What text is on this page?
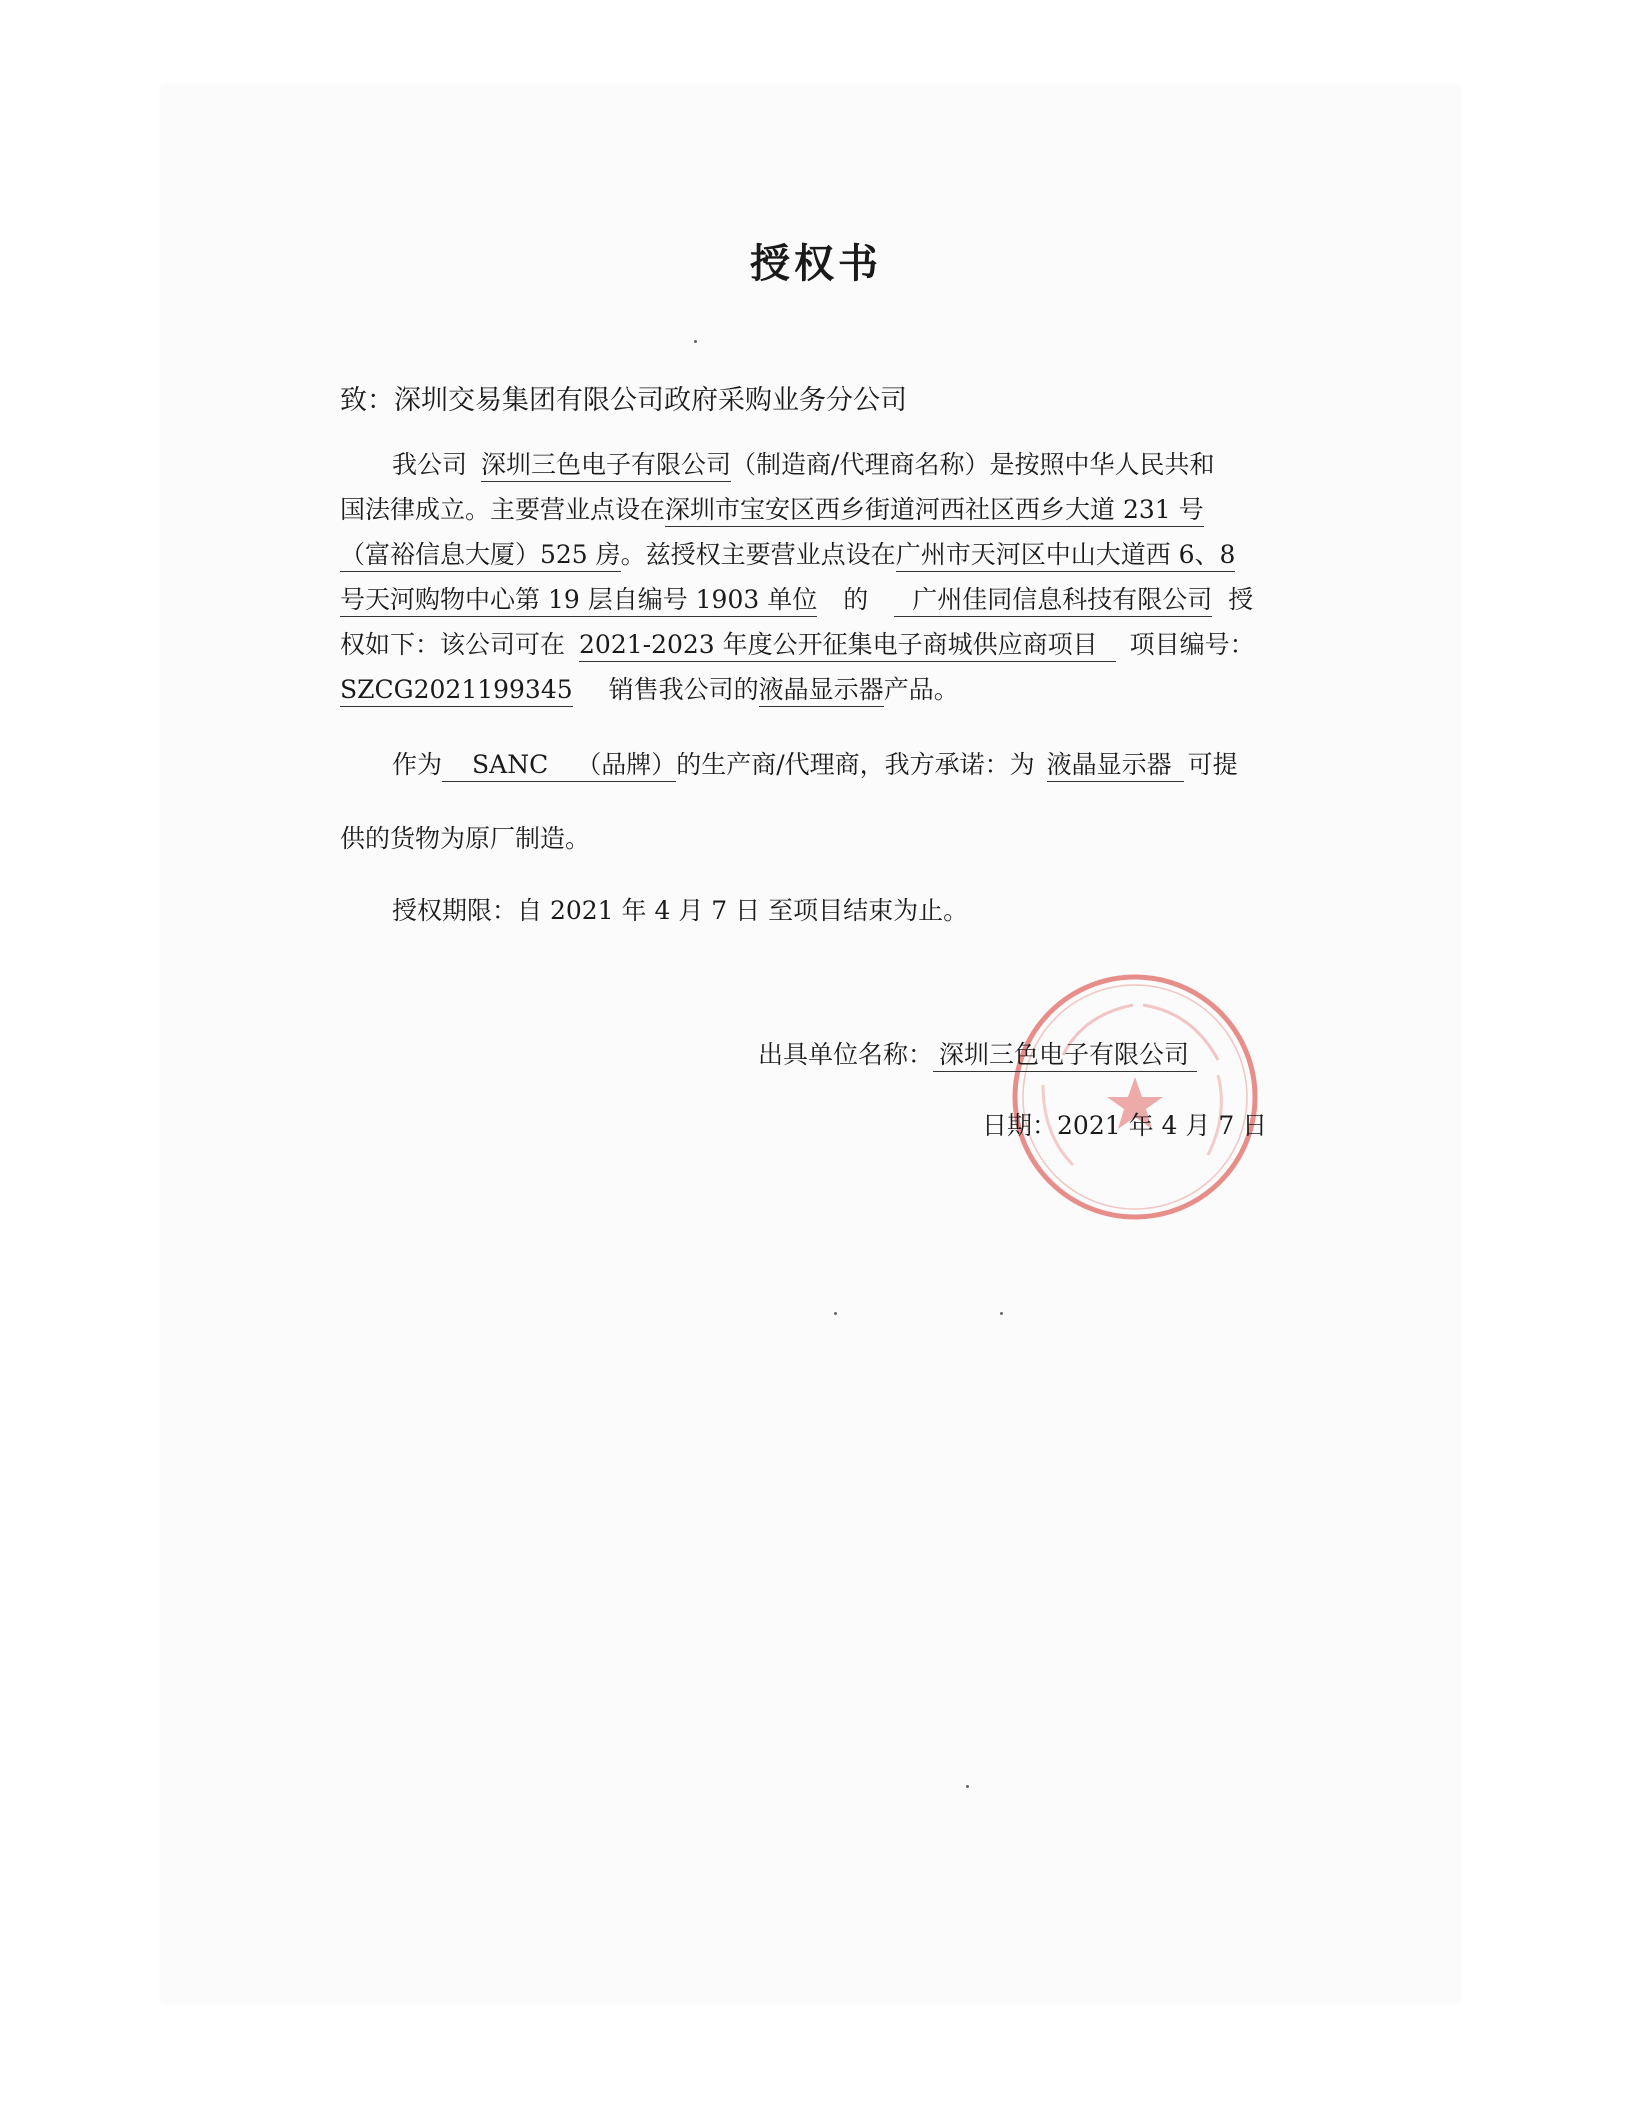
授权书
致：深圳交易集团有限公司政府采购业务分公司
我公司 深圳三色电子有限公司（制造商/代理商名称）是按照中华人民共和
国法律成立。主要营业点设在深圳市宝安区西乡街道河西社区西乡大道 231 号
（富裕信息大厦）525 房。兹授权主要营业点设在广州市天河区中山大道西 6、8
号天河购物中心第 19 层自编号 1903 单位 的 广州佳同信息科技有限公司 授
权如下：该公司可在 2021-2023 年度公开征集电子商城供应商项目 项目编号：
SZCG2021199345 销售我公司的液晶显示器产品。
作为 SANC （品牌）的生产商/代理商，我方承诺：为 液晶显示器 可提
供的货物为原厂制造。
授权期限：自 2021 年 4 月 7 日 至项目结束为止。
出具单位名称： 深圳三色电子有限公司
日期：2021 年 4 月 7 日
